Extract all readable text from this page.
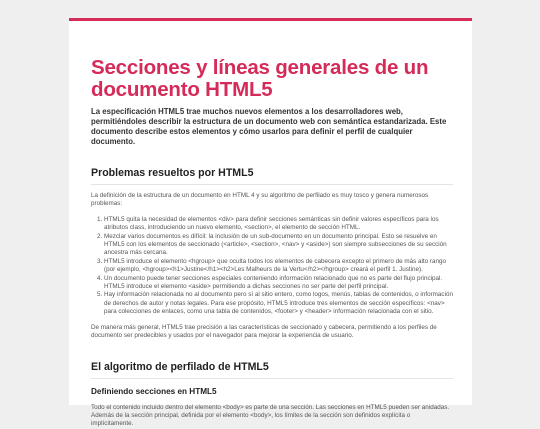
Secciones y líneas generales de un documento HTML5

La especificación HTML5 trae muchos nuevos elementos a los desarrolladores web, permitiéndoles describir la estructura de un documento web con semántica estandarizada. Este documento describe estos elementos y cómo usarlos para definir el perfil de cualquier documento.

Problemas resueltos por HTML5

La definición de la estructura de un documento en HTML 4 y su algoritmo de perfilado es muy tosco y genera numerosos problemas:

1. HTML5 quita la necesidad de elementos <div> para definir secciones semánticas sin definir valores específicos para los atributos class, introduciendo un nuevo elemento, <section>, el elemento de sección HTML.
2. Mezclar varios documentos es difícil: la inclusión de un sub-documento en un documento principal. Esto se resuelve en HTML5 con los elementos de seccionado (<article>, <section>, <nav> y <aside>) son siempre subsecciones de su sección ancestra más cercana.
3. HTML5 introduce el elemento <hgroup> que oculta todos los elementos de cabecera excepto el primero de más alto rango (por ejemplo, <hgroup><h1>Justine</h1><h2>Les Malheurs de la Vertu</h2></hgroup> creará el perfil 1. Justine).
4. Un documento puede tener secciones especiales conteniendo información relacionado que no es parte del flujo principal. HTML5 introduce el elemento <aside> permitiendo a dichas secciones no ser parte del perfil principal.
5. Hay información relacionada no al documento pero sí al sitio entero, como logos, menús, tablas de contenidos, o información de derechos de autor y notas legales. Para ese propósito, HTML5 introduce tres elementos de sección específicos: <nav> para colecciones de enlaces, como una tabla de contenidos, <footer> y <header> información relacionada con el sitio.

De manera más general, HTML5 trae precisión a las características de seccionado y cabecera, permitiendo a los perfiles de documento ser predecibles y usados por el navegador para mejorar la experiencia de usuario.

El algoritmo de perfilado de HTML5
Definiendo secciones en HTML5

Todo el contenido incluido dentro del elemento <body> es parte de una sección. Las secciones en HTML5 pueden ser anidadas. Además de la sección principal, definida por el elemento <body>, los límites de la sección son definidos explícita o implícitamente.
